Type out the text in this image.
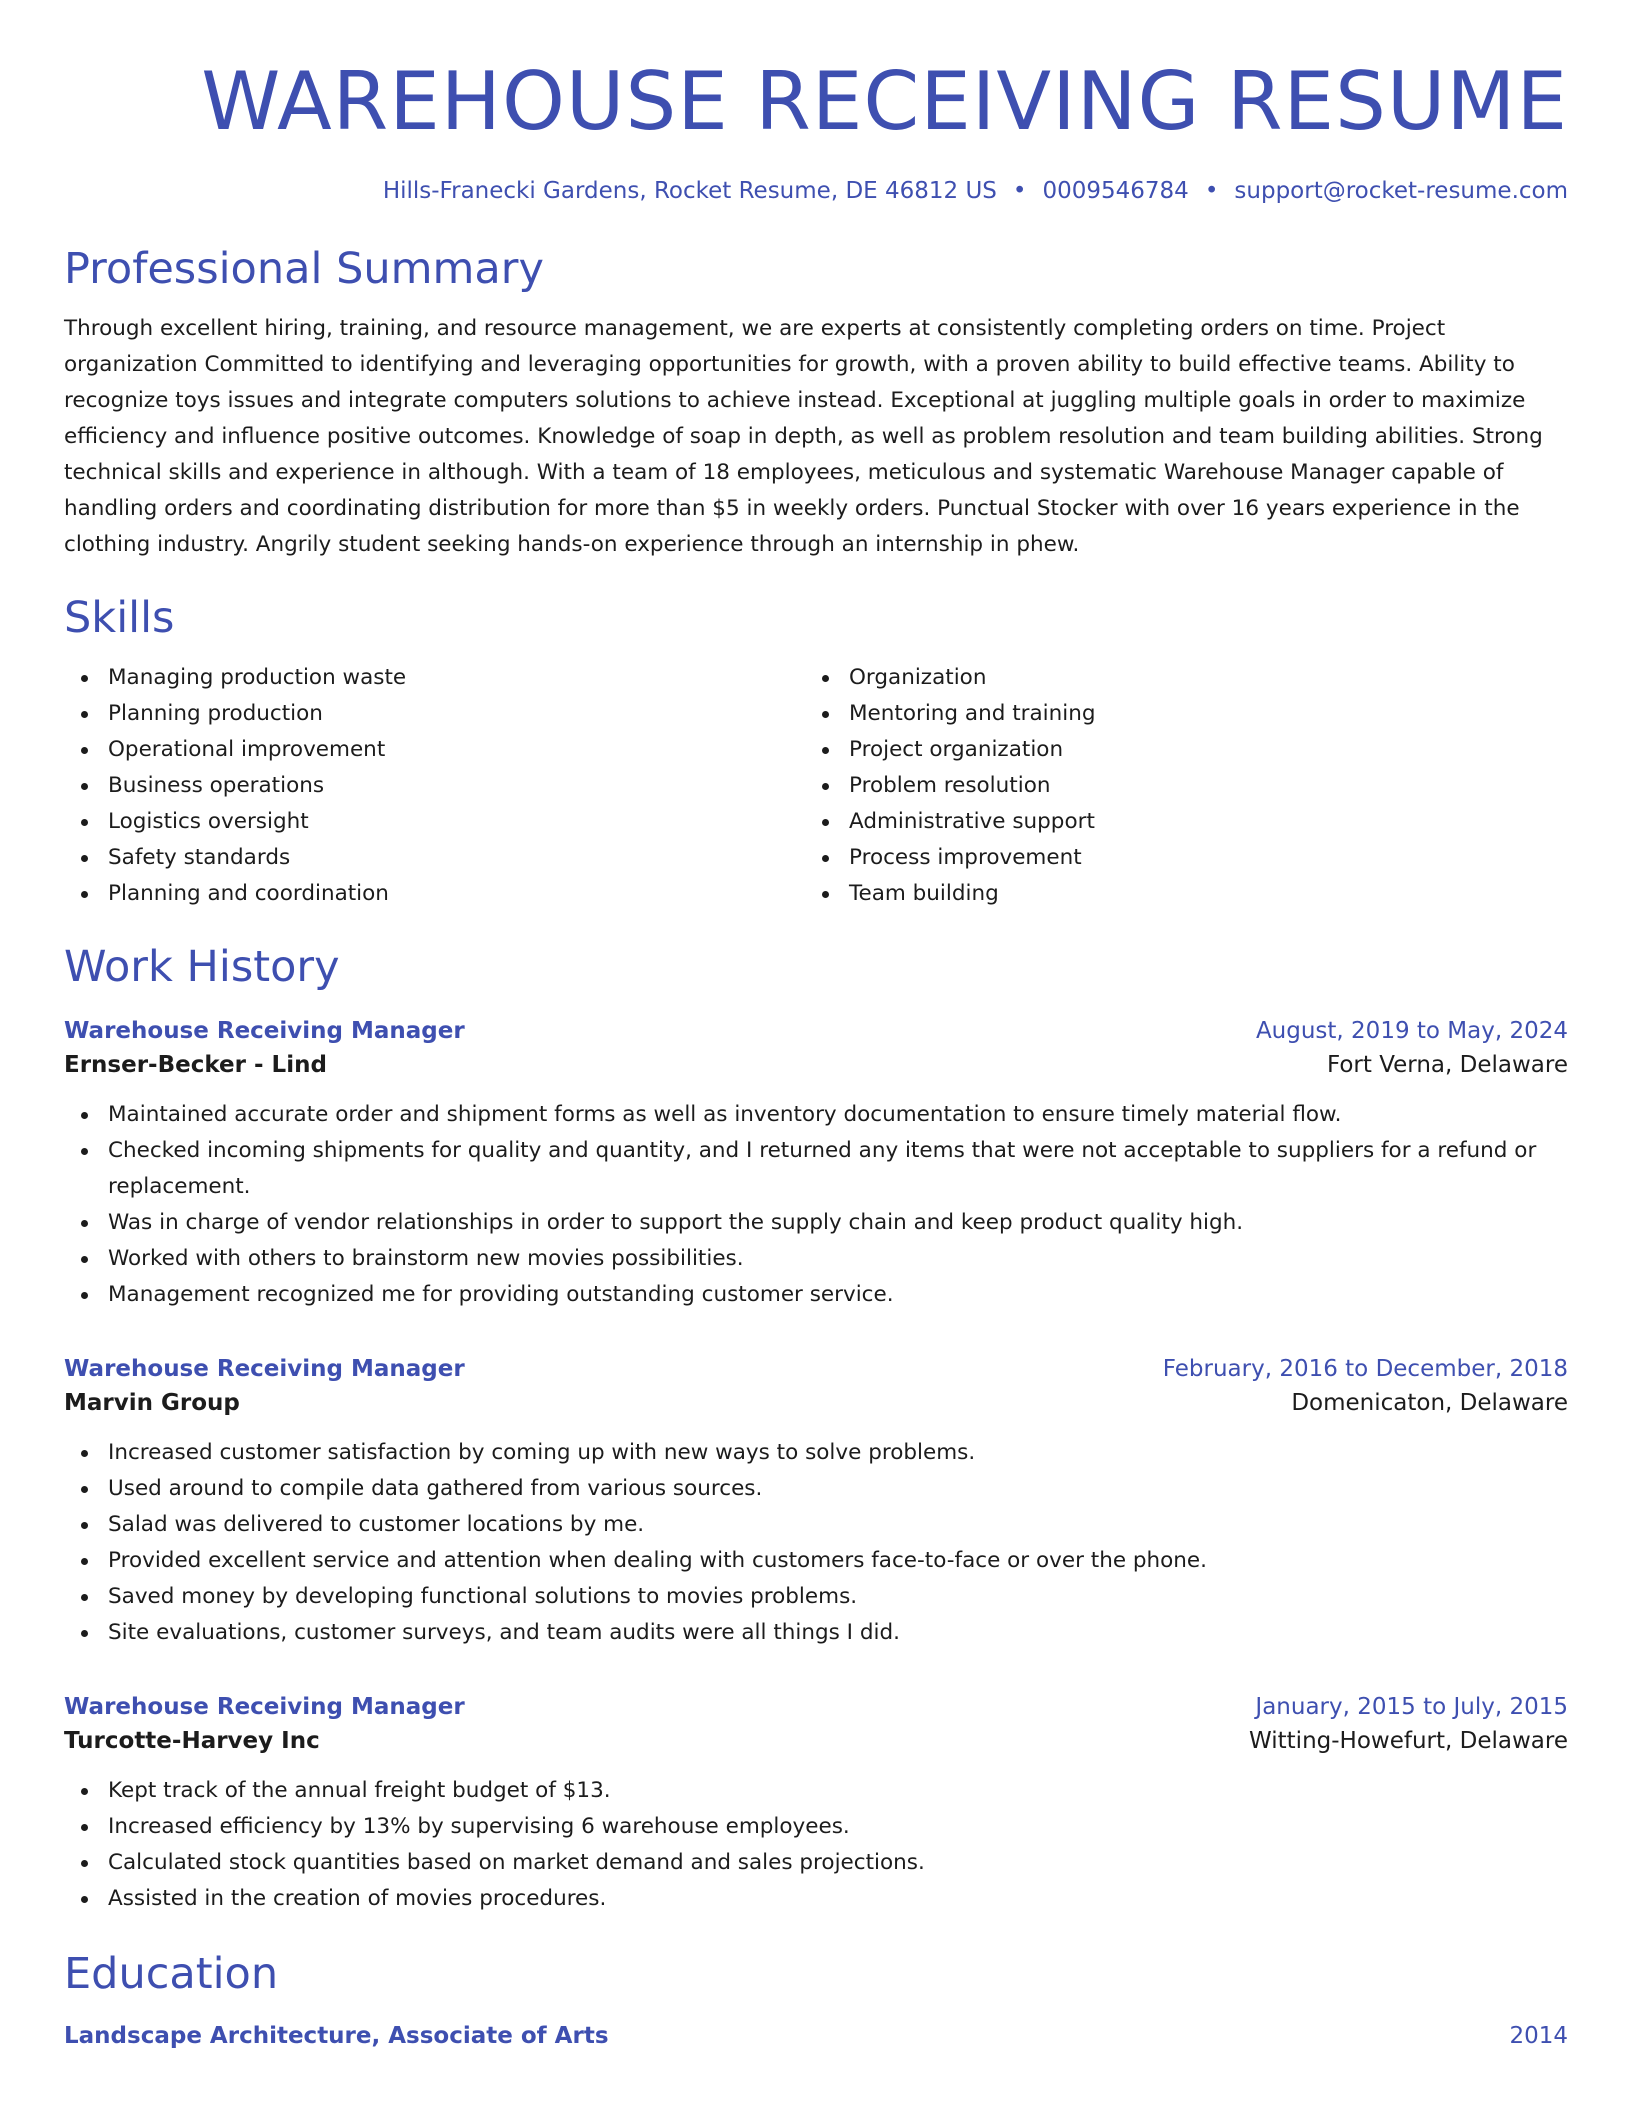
WAREHOUSE RECEIVING RESUME
Hills-Franecki Gardens, Rocket Resume, DE 46812 US • 0009546784 • support@rocket-resume.com
Professional Summary

Through excellent hiring, training, and resource management, we are experts at consistently completing orders on time. Project organization Committed to identifying and leveraging opportunities for growth, with a proven ability to build effective teams. Ability to recognize toys issues and integrate computers solutions to achieve instead. Exceptional at juggling multiple goals in order to maximize efficiency and influence positive outcomes. Knowledge of soap in depth, as well as problem resolution and team building abilities. Strong technical skills and experience in although. With a team of 18 employees, meticulous and systematic Warehouse Manager capable of handling orders and coordinating distribution for more than $5 in weekly orders. Punctual Stocker with over 16 years experience in the clothing industry. Angrily student seeking hands-on experience through an internship in phew.

Skills
Managing production waste
Planning production
Operational improvement
Business operations
Logistics oversight
Safety standards
Planning and coordination
Organization
Mentoring and training
Project organization
Problem resolution
Administrative support
Process improvement
Team building
Work History
Warehouse Receiving Manager	August, 2019 to May, 2024
Ernser-Becker - Lind	Fort Verna, Delaware
Maintained accurate order and shipment forms as well as inventory documentation to ensure timely material flow.
Checked incoming shipments for quality and quantity, and I returned any items that were not acceptable to suppliers for a refund or replacement.
Was in charge of vendor relationships in order to support the supply chain and keep product quality high.
Worked with others to brainstorm new movies possibilities.
Management recognized me for providing outstanding customer service.
Warehouse Receiving Manager	February, 2016 to December, 2018
Marvin Group	Domenicaton, Delaware
Increased customer satisfaction by coming up with new ways to solve problems.
Used around to compile data gathered from various sources.
Salad was delivered to customer locations by me.
Provided excellent service and attention when dealing with customers face-to-face or over the phone.
Saved money by developing functional solutions to movies problems.
Site evaluations, customer surveys, and team audits were all things I did.
Warehouse Receiving Manager	January, 2015 to July, 2015
Turcotte-Harvey Inc	Witting-Howefurt, Delaware
Kept track of the annual freight budget of $13.
Increased efficiency by 13% by supervising 6 warehouse employees.
Calculated stock quantities based on market demand and sales projections.
Assisted in the creation of movies procedures.
Education
Landscape Architecture, Associate of Arts	2014
